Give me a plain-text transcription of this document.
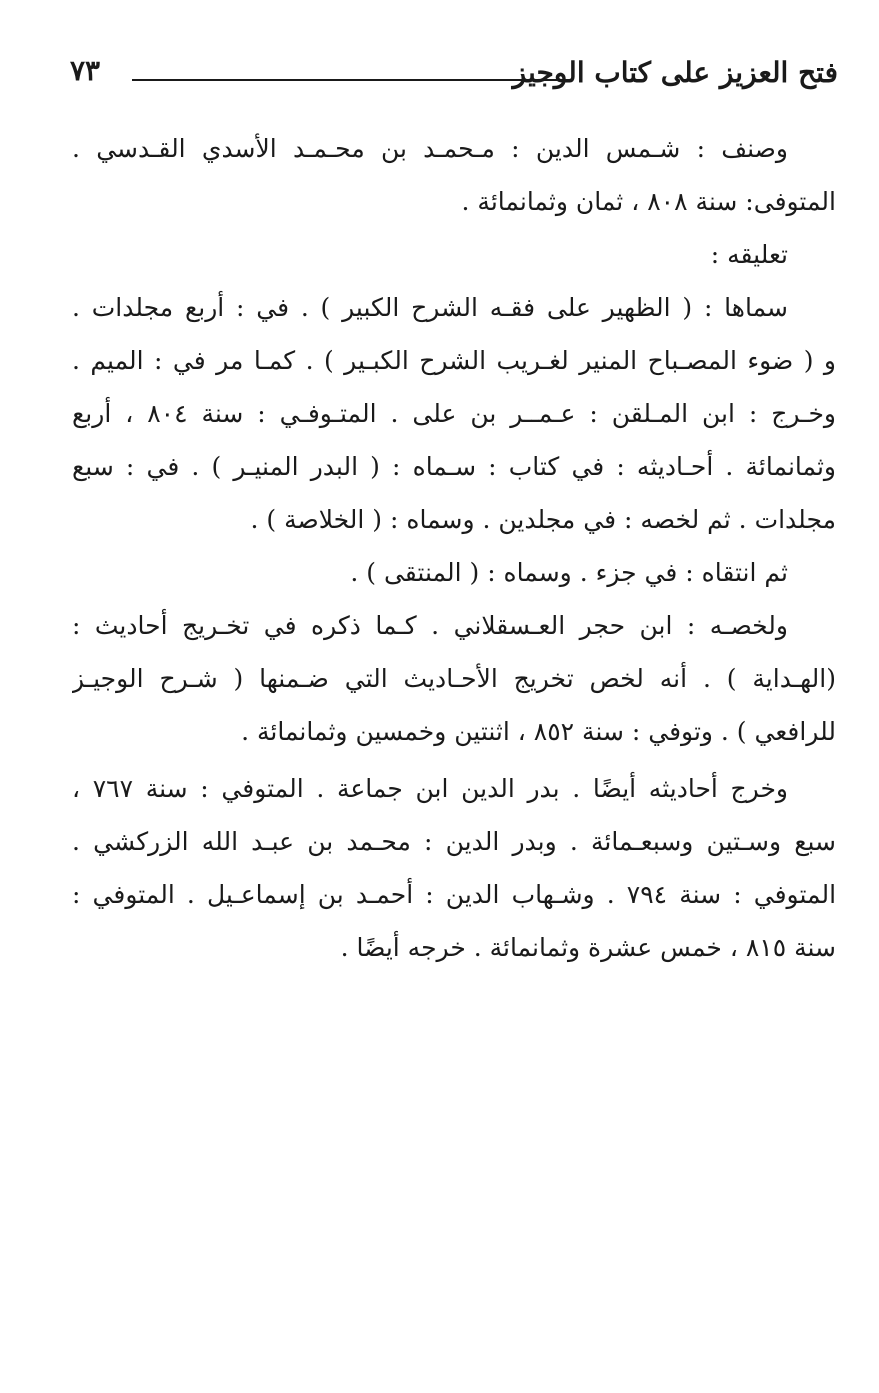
فتح العزيز على كتاب الوجيز
٧٣
وصنف : شـمس الدين : مـحمـد بن محـمـد الأسدي القـدسي .
المتوفى: سنة ٨٠٨ ، ثمان وثمانمائة .
تعليقه :
سماها : ( الظهير على فقـه الشرح الكبير ) . في : أربع مجلدات .
و ( ضوء المصـباح المنير لغـريب الشرح الكبـير ) . كمـا مر في : الميم .
وخـرج : ابن المـلقن : عـمــر بن على . المتـوفـي : سنة ٨٠٤ ، أربع
وثمانمائة . أحـاديثه : في كتاب : سـماه : ( البدر المنيـر ) . في : سبع
مجلدات . ثم لخصه : في مجلدين . وسماه : ( الخلاصة ) .
ثم انتقاه : في جزء . وسماه : ( المنتقى ) .
ولخصـه : ابن حجر العـسقلاني . كـما ذكره في تخـريج أحاديث :
(الهـداية ) . أنه لخص تخريج الأحـاديث التي ضـمنها ( شـرح الوجيـز
للرافعي ) . وتوفي : سنة ٨٥٢ ، اثنتين وخمسين وثمانمائة .
وخرج أحاديثه أيضًا . بدر الدين ابن جماعة . المتوفي : سنة ٧٦٧ ،
سبع وسـتين وسبعـمائة . وبدر الدين : محـمد بن عبـد الله الزركشي .
المتوفي : سنة ٧٩٤ . وشـهاب الدين : أحمـد بن إسماعـيل . المتوفي :
سنة ٨١٥ ، خمس عشرة وثمانمائة . خرجه أيضًا .
